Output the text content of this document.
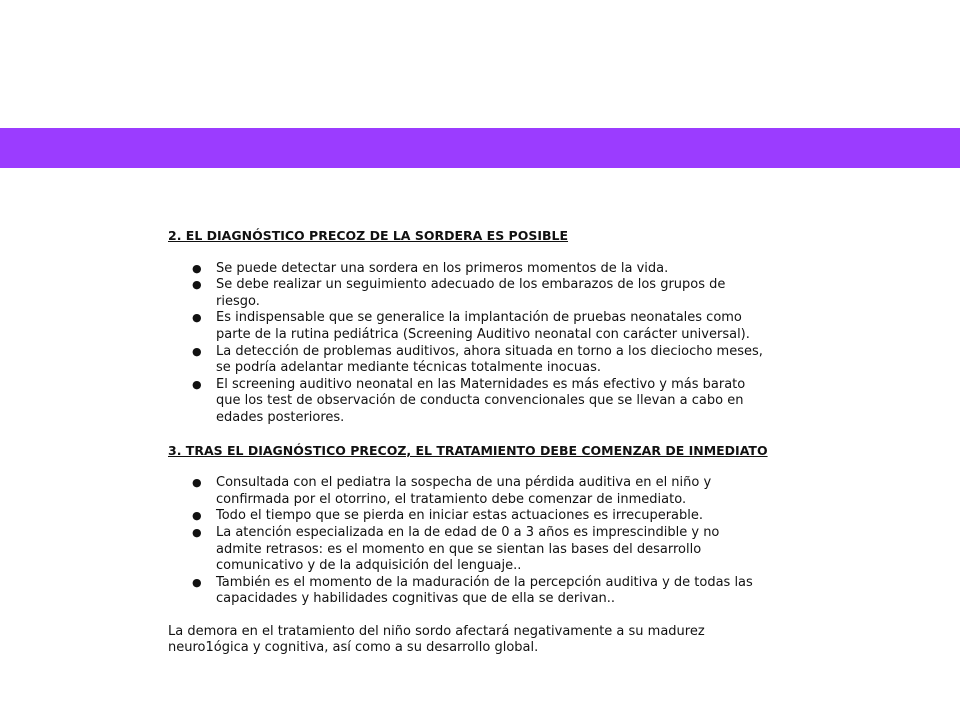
2. EL DIAGNÓSTICO PRECOZ DE LA SORDERA ES POSIBLE

● Se puede detectar una sordera en los primeros momentos de la vida.
● Se debe realizar un seguimiento adecuado de los embarazos de los grupos de riesgo.
● Es indispensable que se generalice la implantación de pruebas neonatales como parte de la rutina pediátrica (Screening Auditivo neonatal con carácter universal).
● La detección de problemas auditivos, ahora situada en torno a los dieciocho meses, se podría adelantar mediante técnicas totalmente inocuas.
● El screening auditivo neonatal en las Maternidades es más efectivo y más barato que los test de observación de conducta convencionales que se llevan a cabo en edades posteriores.

3. TRAS EL DIAGNÓSTICO PRECOZ, EL TRATAMIENTO DEBE COMENZAR DE INMEDIATO

● Consultada con el pediatra la sospecha de una pérdida auditiva en el niño y confirmada por el otorrino, el tratamiento debe comenzar de inmediato.
● Todo el tiempo que se pierda en iniciar estas actuaciones es irrecuperable.
● La atención especializada en la de edad de 0 a 3 años es imprescindible y no admite retrasos: es el momento en que se sientan las bases del desarrollo comunicativo y de la adquisición del lenguaje..
● También es el momento de la maduración de la percepción auditiva y de todas las capacidades y habilidades cognitivas que de ella se derivan..

La demora en el tratamiento del niño sordo afectará negativamente a su madurez neuro1ógica y cognitiva, así como a su desarrollo global.
